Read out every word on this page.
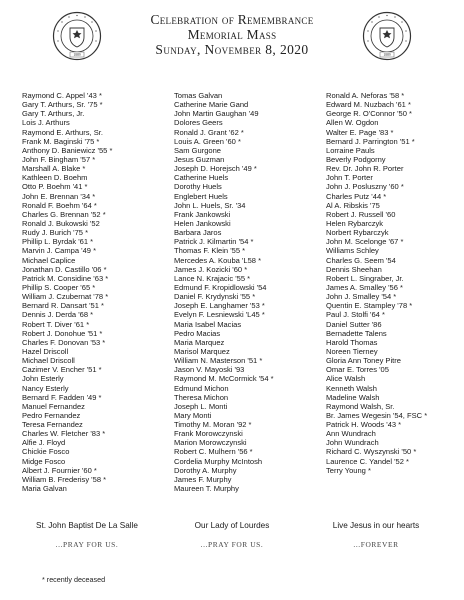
1889	1889
Celebration of Remembrance
Memorial Mass
Sunday, November 8, 2020
Raymond C. Appel '43 *
Gary T. Arthurs, Sr. '75 *
Gary T. Arthurs, Jr.
Lois J. Arthurs
Raymond E. Arthurs, Sr.
Frank M. Baginski '75 *
Anthony D. Baniewicz '55 *
John F. Bingham '57 *
Marshall A. Blake *
Kathleen D. Boehm
Otto P. Boehm '41 *
John E. Brennan '34 *
Ronald F. Boehm '64 *
Charles G. Brennan '52 *
Ronald J. Bukowski '52
Rudy J. Burich '75 *
Phillip L. Byrdak '61 *
Marvin J. Campa '49 *
Michael Caplice
Jonathan D. Castillo '06 *
Patrick M. Considine '63 *
Phillip S. Cooper '65 *
William J. Czubernat '78 *
Bernard R. Dansart '51 *
Dennis J. Derda '68 *
Robert T. Diver '61 *
Robert J. Donohue '51 *
Charles F. Donovan '53 *
Hazel Driscoll
Michael Driscoll
Cazimer V. Encher '51 *
John Esterly
Nancy Esterly
Bernard F. Fadden '49 *
Manuel Fernandez
Pedro Fernandez
Teresa Fernandez
Charles W. Fletcher '83 *
Alfie J. Floyd
Chickie Fosco
Midge Fosco
Albert J. Fournier '60 *
William B. Frederisy '58 *
Maria Galvan
Tomas Galvan
Catherine Marie Gand
John Martin Gaughan '49
Dolores Geers
Ronald J. Grant '62 *
Louis A. Green '60 *
Sam Gurgone
Jesus Guzman
Joseph D. Horejsch '49 *
Catherine Huels
Dorothy Huels
Englebert Huels
John L. Huels, Sr. '34
Frank Jankowski
Helen Jankowski
Barbara Jaros
Patrick J. Kilmartin '54 *
Thomas F. Klein '55 *
Mercedes A. Kouba 'L58 *
James J. Kozicki '60 *
Lance N. Krajacic '55 *
Edmund F. Kropidlowski '54
Daniel F. Krydynski '55 *
Joseph E. Langhamer '53 *
Evelyn F. Lesniewski 'L45 *
Maria Isabel Macias
Pedro Macias
Maria Marquez
Marisol Marquez
William N. Masterson '51 *
Jason V. Mayoski '93
Raymond M. McCormick '54 *
Edmund Michon
Theresa Michon
Joseph L. Monti
Mary Monti
Timothy M. Moran '92 *
Frank Morowczynski
Marion Morowczynski
Robert C. Mulhern '56 *
Cordelia Murphy McIntosh
Dorothy A. Murphy
James F. Murphy
Maureen T. Murphy
Ronald A. Neforas '58 *
Edward M. Nuzbach '61 *
George R. O'Connor '50 *
Allen W. Ogdon
Walter E. Page '83 *
Bernard J. Parrington '51 *
Lorraine Pauls
Beverly Podgorny
Rev. Dr. John R. Porter
John T. Porter
John J. Posluszny '60 *
Charles Putz '44 *
Al A. Ribskis '75
Robert J. Russell '60
Helen Rybarczyk
Norbert Rybarczyk
John M. Scelonge '67 *
Williams Schley
Charles G. Seem '54
Dennis Sheehan
Robert L. Singraber, Jr.
James A. Smalley '56 *
John J. Smalley '54 *
Quentin E. Stampley '78 *
Paul J. Stolfi '64 *
Daniel Sutter '86
Bernadette Talens
Harold Thomas
Noreen Tierney
Gloria Ann Toney Pitre
Omar E. Torres '05
Alice Walsh
Kenneth Walsh
Madeline Walsh
Raymond Walsh, Sr.
Br. James Wegesin '54, FSC *
Patrick H. Woods '43 *
Ann Wundrach
John Wundrach
Richard C. Wyszynski '50 *
Laurence C. Yandel '52 *
Terry Young *
St. John Baptist De La Salle
...PRAY FOR US.
Our Lady of Lourdes
...PRAY FOR US.
Live Jesus in our hearts
...FOREVER
* recently deceased
